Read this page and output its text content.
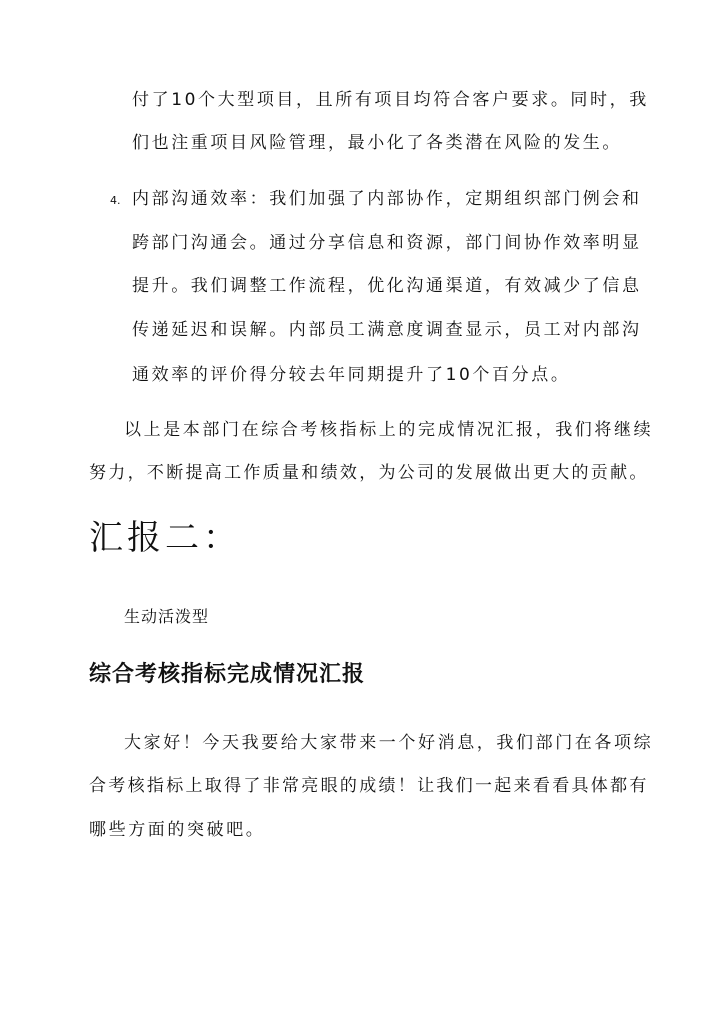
付了10个大型项目，且所有项目均符合客户要求。同时，我
们也注重项目风险管理，最小化了各类潜在风险的发生。
4. 内部沟通效率：我们加强了内部协作，定期组织部门例会和
跨部门沟通会。通过分享信息和资源，部门间协作效率明显
提升。我们调整工作流程，优化沟通渠道，有效减少了信息
传递延迟和误解。内部员工满意度调查显示，员工对内部沟
通效率的评价得分较去年同期提升了10个百分点。
以上是本部门在综合考核指标上的完成情况汇报，我们将继续
努力，不断提高工作质量和绩效，为公司的发展做出更大的贡献。
汇报二：
生动活泼型
综合考核指标完成情况汇报
大家好！今天我要给大家带来一个好消息，我们部门在各项综
合考核指标上取得了非常亮眼的成绩！让我们一起来看看具体都有
哪些方面的突破吧。
